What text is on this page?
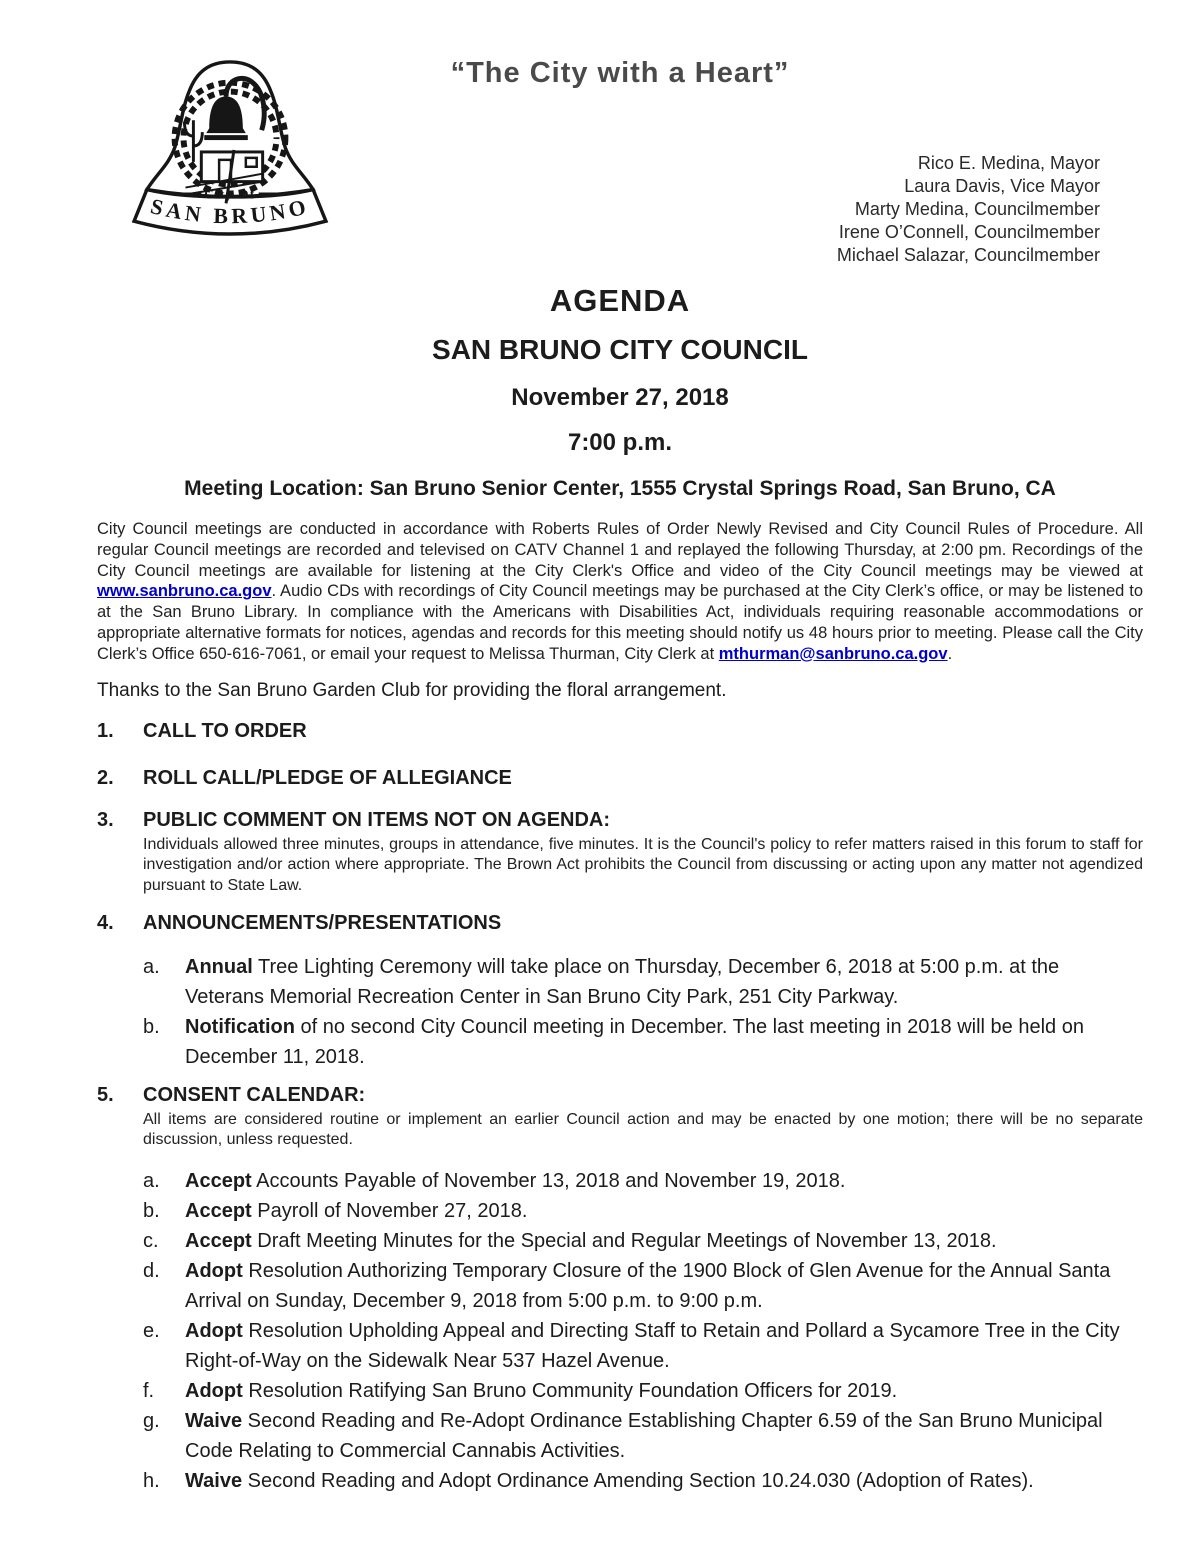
City Of
SAN BRUNO
“The City with a Heart”
Rico E. Medina, Mayor
Laura Davis, Vice Mayor
Marty Medina, Councilmember
Irene O’Connell, Councilmember
Michael Salazar, Councilmember
AGENDA
SAN BRUNO CITY COUNCIL
November 27, 2018
7:00 p.m.
Meeting Location: San Bruno Senior Center, 1555 Crystal Springs Road, San Bruno, CA

City Council meetings are conducted in accordance with Roberts Rules of Order Newly Revised and City Council Rules of Procedure. All regular Council meetings are recorded and televised on CATV Channel 1 and replayed the following Thursday, at 2:00 pm. Recordings of the City Council meetings are available for listening at the City Clerk's Office and video of the City Council meetings may be viewed at www.sanbruno.ca.gov. Audio CDs with recordings of City Council meetings may be purchased at the City Clerk’s office, or may be listened to at the San Bruno Library. In compliance with the Americans with Disabilities Act, individuals requiring reasonable accommodations or appropriate alternative formats for notices, agendas and records for this meeting should notify us 48 hours prior to meeting. Please call the City Clerk’s Office 650-616-7061, or email your request to Melissa Thurman, City Clerk at mthurman@sanbruno.ca.gov.

Thanks to the San Bruno Garden Club for providing the floral arrangement.

1.	CALL TO ORDER
2.	ROLL CALL/PLEDGE OF ALLEGIANCE
3.	PUBLIC COMMENT ON ITEMS NOT ON AGENDA:

Individuals allowed three minutes, groups in attendance, five minutes. It is the Council's policy to refer matters raised in this forum to staff for investigation and/or action where appropriate. The Brown Act prohibits the Council from discussing or acting upon any matter not agendized pursuant to State Law.

4.	ANNOUNCEMENTS/PRESENTATIONS
a.	Annual Tree Lighting Ceremony will take place on Thursday, December 6, 2018 at 5:00 p.m. at the Veterans Memorial Recreation Center in San Bruno City Park, 251 City Parkway.
b.	Notification of no second City Council meeting in December. The last meeting in 2018 will be held on December 11, 2018.
5.	CONSENT CALENDAR:

All items are considered routine or implement an earlier Council action and may be enacted by one motion; there will be no separate discussion, unless requested.

a.	Accept Accounts Payable of November 13, 2018 and November 19, 2018.
b.	Accept Payroll of November 27, 2018.
c.	Accept Draft Meeting Minutes for the Special and Regular Meetings of November 13, 2018.
d.	Adopt Resolution Authorizing Temporary Closure of the 1900 Block of Glen Avenue for the Annual Santa Arrival on Sunday, December 9, 2018 from 5:00 p.m. to 9:00 p.m.
e.	Adopt Resolution Upholding Appeal and Directing Staff to Retain and Pollard a Sycamore Tree in the City Right-of-Way on the Sidewalk Near 537 Hazel Avenue.
f.	Adopt Resolution Ratifying San Bruno Community Foundation Officers for 2019.
g.	Waive Second Reading and Re-Adopt Ordinance Establishing Chapter 6.59 of the San Bruno Municipal Code Relating to Commercial Cannabis Activities.
h.	Waive Second Reading and Adopt Ordinance Amending Section 10.24.030 (Adoption of Rates).
